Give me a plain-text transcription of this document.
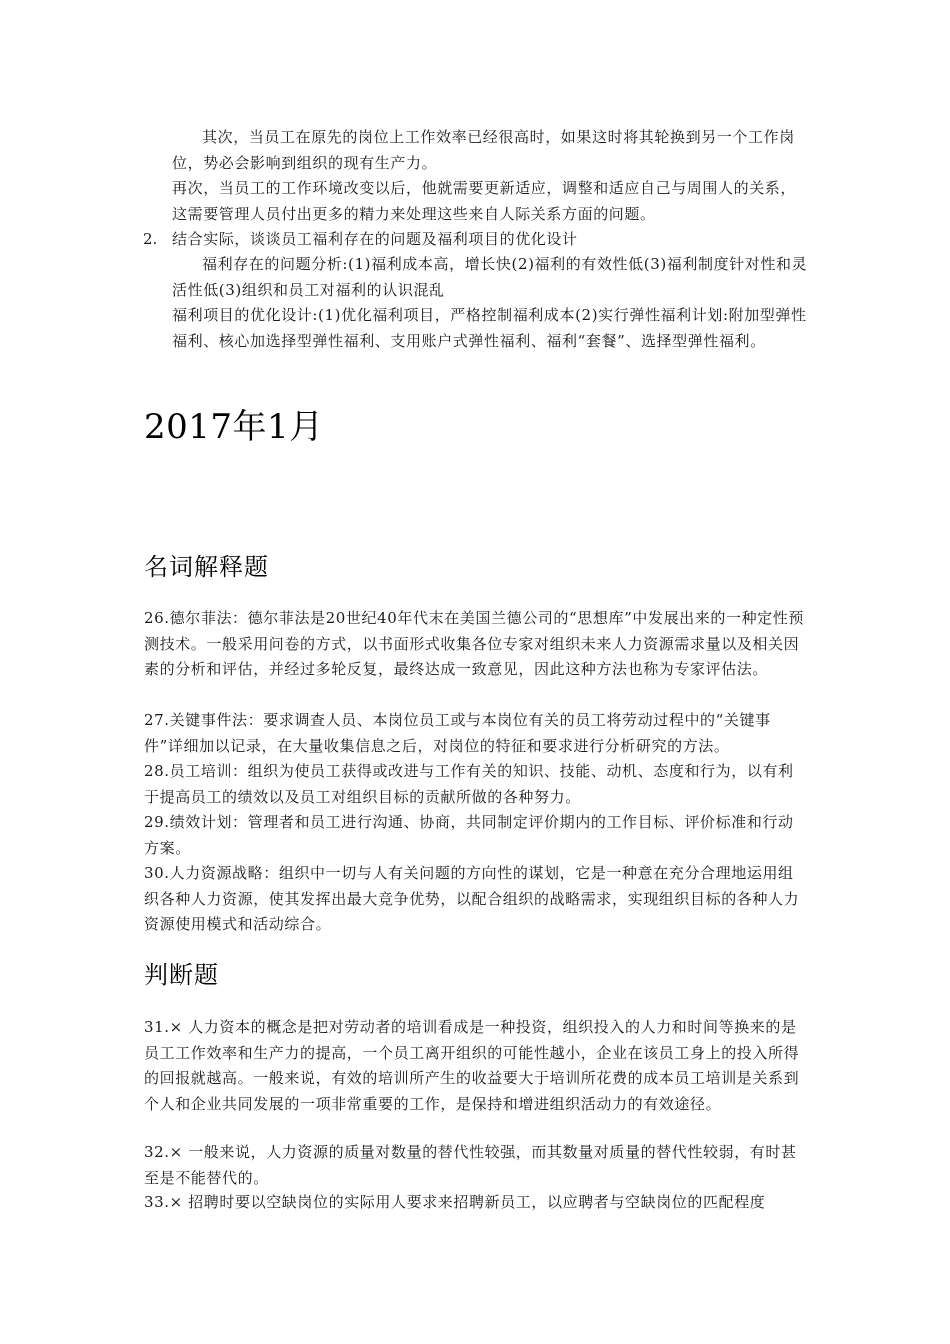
其次，当员工在原先的岗位上工作效率已经很高时，如果这时将其轮换到另一个工作岗位，势必会影响到组织的现有生产力。

再次，当员工的工作环境改变以后，他就需要更新适应，调整和适应自己与周围人的关系，这需要管理人员付出更多的精力来处理这些来自人际关系方面的问题。

2. 结合实际，谈谈员工福利存在的问题及福利项目的优化设计

福利存在的问题分析:(1)福利成本高，增长快(2)福利的有效性低(3)福利制度针对性和灵活性低(3)组织和员工对福利的认识混乱

福利项目的优化设计:(1)优化福利项目，严格控制福利成本(2)实行弹性福利计划:附加型弹性福利、核心加选择型弹性福利、支用账户式弹性福利、福利“套餐”、选择型弹性福利。

2017年1月
名词解释题

26.德尔菲法：德尔菲法是20世纪40年代末在美国兰德公司的“思想库”中发展出来的一种定性预测技术。一般采用问卷的方式，以书面形式收集各位专家对组织未来人力资源需求量以及相关因素的分析和评估，并经过多轮反复，最终达成一致意见，因此这种方法也称为专家评估法。

27.关键事件法：要求调查人员、本岗位员工或与本岗位有关的员工将劳动过程中的“关键事件”详细加以记录，在大量收集信息之后，对岗位的特征和要求进行分析研究的方法。

28.员工培训：组织为使员工获得或改进与工作有关的知识、技能、动机、态度和行为，以有利于提高员工的绩效以及员工对组织目标的贡献所做的各种努力。

29.绩效计划：管理者和员工进行沟通、协商，共同制定评价期内的工作目标、评价标准和行动方案。

30.人力资源战略：组织中一切与人有关问题的方向性的谋划，它是一种意在充分合理地运用组织各种人力资源，使其发挥出最大竞争优势，以配合组织的战略需求，实现组织目标的各种人力资源使用模式和活动综合。

判断题

31.× 人力资本的概念是把对劳动者的培训看成是一种投资，组织投入的人力和时间等换来的是员工工作效率和生产力的提高，一个员工离开组织的可能性越小，企业在该员工身上的投入所得的回报就越高。一般来说，有效的培训所产生的收益要大于培训所花费的成本员工培训是关系到个人和企业共同发展的一项非常重要的工作，是保持和增进组织活动力的有效途径。

32.× 一般来说，人力资源的质量对数量的替代性较强，而其数量对质量的替代性较弱，有时甚至是不能替代的。

33.× 招聘时要以空缺岗位的实际用人要求来招聘新员工，以应聘者与空缺岗位的匹配程度
